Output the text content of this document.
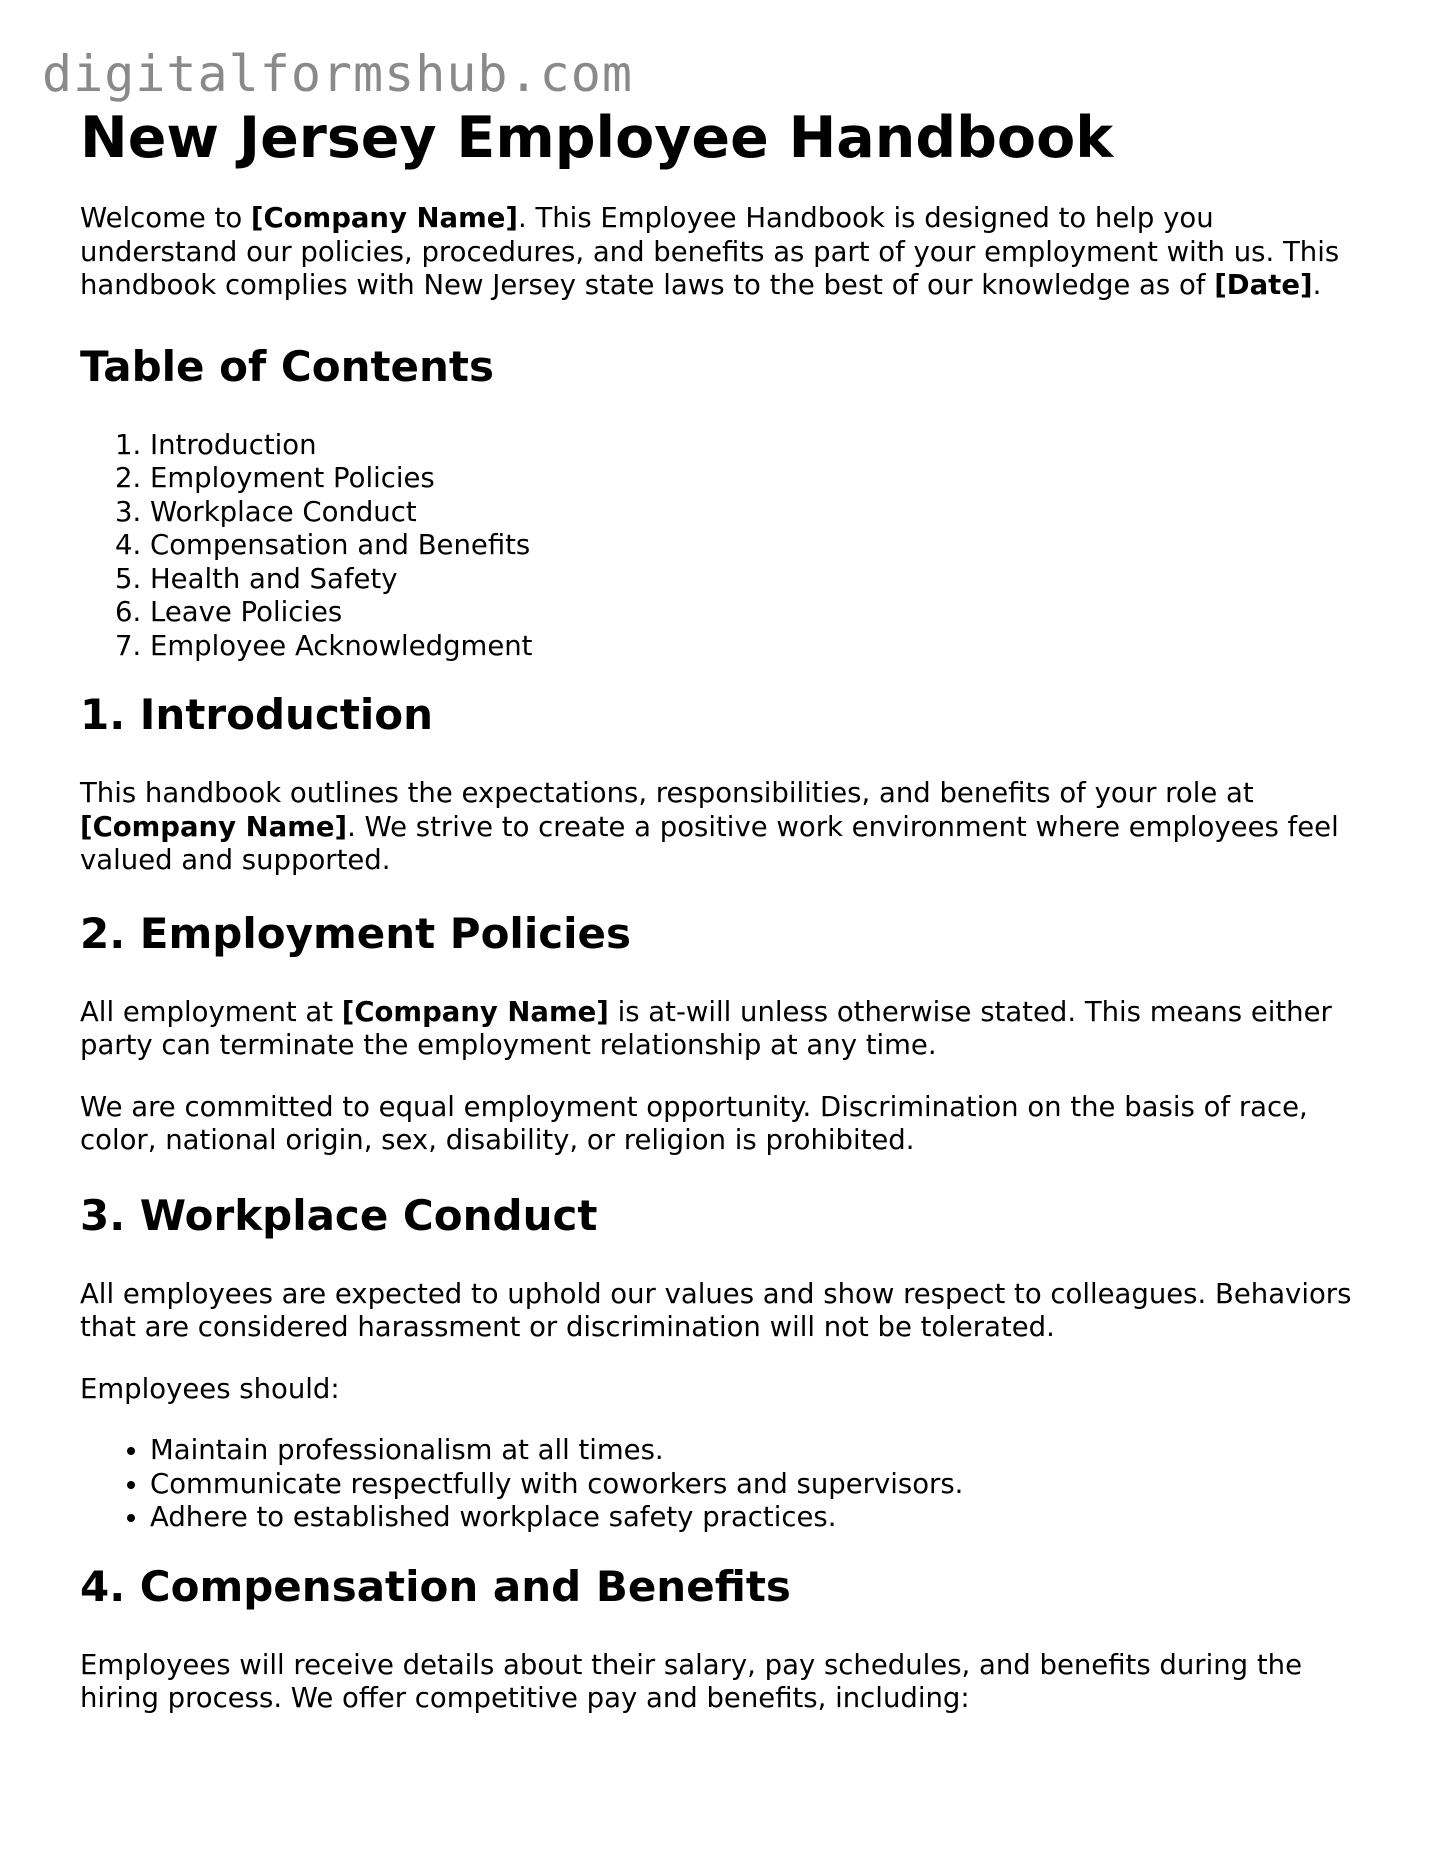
digitalformshub.com
New Jersey Employee Handbook

Welcome to [Company Name]. This Employee Handbook is designed to help you understand our policies, procedures, and benefits as part of your employment with us. This handbook complies with New Jersey state laws to the best of our knowledge as of [Date].

Table of Contents
1. Introduction
2. Employment Policies
3. Workplace Conduct
4. Compensation and Benefits
5. Health and Safety
6. Leave Policies
7. Employee Acknowledgment
1. Introduction

This handbook outlines the expectations, responsibilities, and benefits of your role at [Company Name]. We strive to create a positive work environment where employees feel valued and supported.

2. Employment Policies

All employment at [Company Name] is at-will unless otherwise stated. This means either party can terminate the employment relationship at any time.

We are committed to equal employment opportunity. Discrimination on the basis of race, color, national origin, sex, disability, or religion is prohibited.

3. Workplace Conduct

All employees are expected to uphold our values and show respect to colleagues. Behaviors that are considered harassment or discrimination will not be tolerated.

Employees should:

• Maintain professionalism at all times.
• Communicate respectfully with coworkers and supervisors.
• Adhere to established workplace safety practices.
4. Compensation and Benefits

Employees will receive details about their salary, pay schedules, and benefits during the hiring process. We offer competitive pay and benefits, including:
